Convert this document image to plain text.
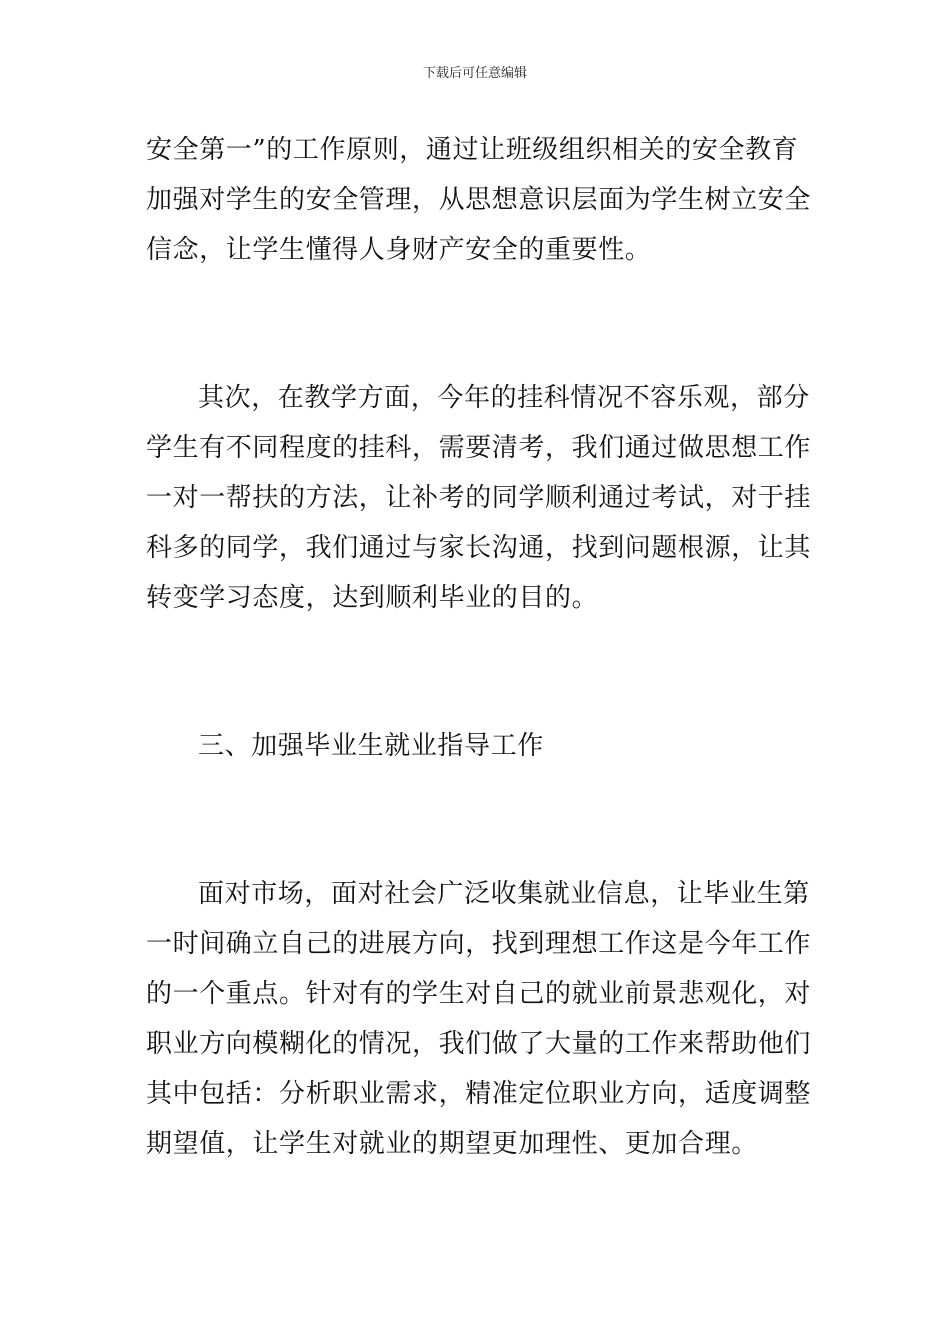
下载后可任意编辑
安全第一”的工作原则，通过让班级组织相关的安全教育
加强对学生的安全管理，从思想意识层面为学生树立安全
信念，让学生懂得人身财产安全的重要性。
其次，在教学方面，今年的挂科情况不容乐观，部分
学生有不同程度的挂科，需要清考，我们通过做思想工作
一对一帮扶的方法，让补考的同学顺利通过考试，对于挂
科多的同学，我们通过与家长沟通，找到问题根源，让其
转变学习态度，达到顺利毕业的目的。
三、加强毕业生就业指导工作
面对市场，面对社会广泛收集就业信息，让毕业生第
一时间确立自己的进展方向，找到理想工作这是今年工作
的一个重点。针对有的学生对自己的就业前景悲观化，对
职业方向模糊化的情况，我们做了大量的工作来帮助他们
其中包括：分析职业需求，精准定位职业方向，适度调整
期望值，让学生对就业的期望更加理性、更加合理。
